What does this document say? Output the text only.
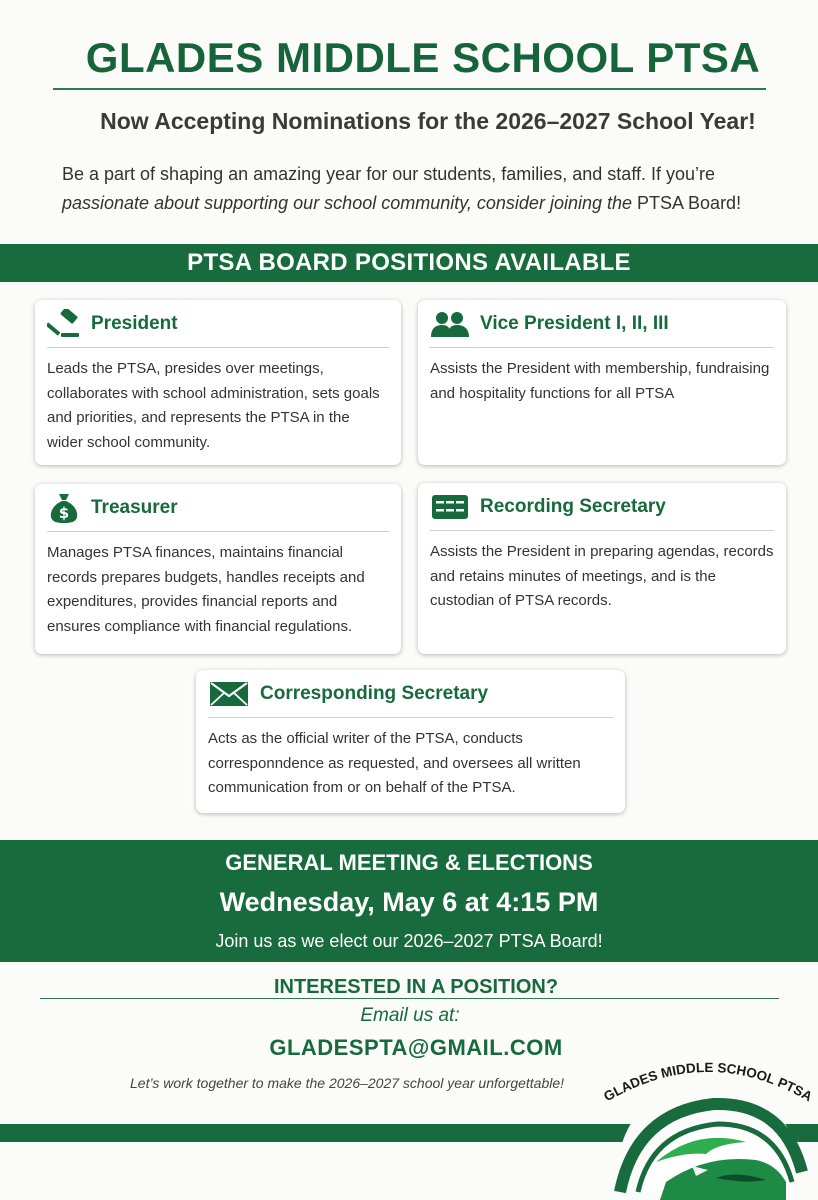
GLADES MIDDLE SCHOOL PTSA
Now Accepting Nominations for the 2026–2027 School Year!
Be a part of shaping an amazing year for our students, families, and staff. If you’re
passionate about supporting our school community, consider joining the PTSA Board!
PTSA BOARD POSITIONS AVAILABLE
President
Leads the PTSA, presides over meetings, collaborates with school administration, sets goals and priorities, and represents the PTSA in the wider school community.
Vice President I, II, III
Assists the President with membership, fundraising and hospitality functions for all PTSA
$ Treasurer
Manages PTSA finances, maintains financial records prepares budgets, handles receipts and expenditures, provides financial reports and ensures compliance with financial regulations.
Recording Secretary
Assists the President in preparing agendas, records and retains minutes of meetings, and is the custodian of PTSA records.
Corresponding Secretary
Acts as the official writer of the PTSA, conducts corresponndence as requested, and oversees all written communication from or on behalf of the PTSA.
GENERAL MEETING & ELECTIONS
Wednesday, May 6 at 4:15 PM
Join us as we elect our 2026–2027 PTSA Board!
INTERESTED IN A POSITION?
Email us at:
GLADESPTA@GMAIL.COM
Let’s work together to make the 2026–2027 school year unforgettable!
GLADES MIDDLE SCHOOL PTSA
